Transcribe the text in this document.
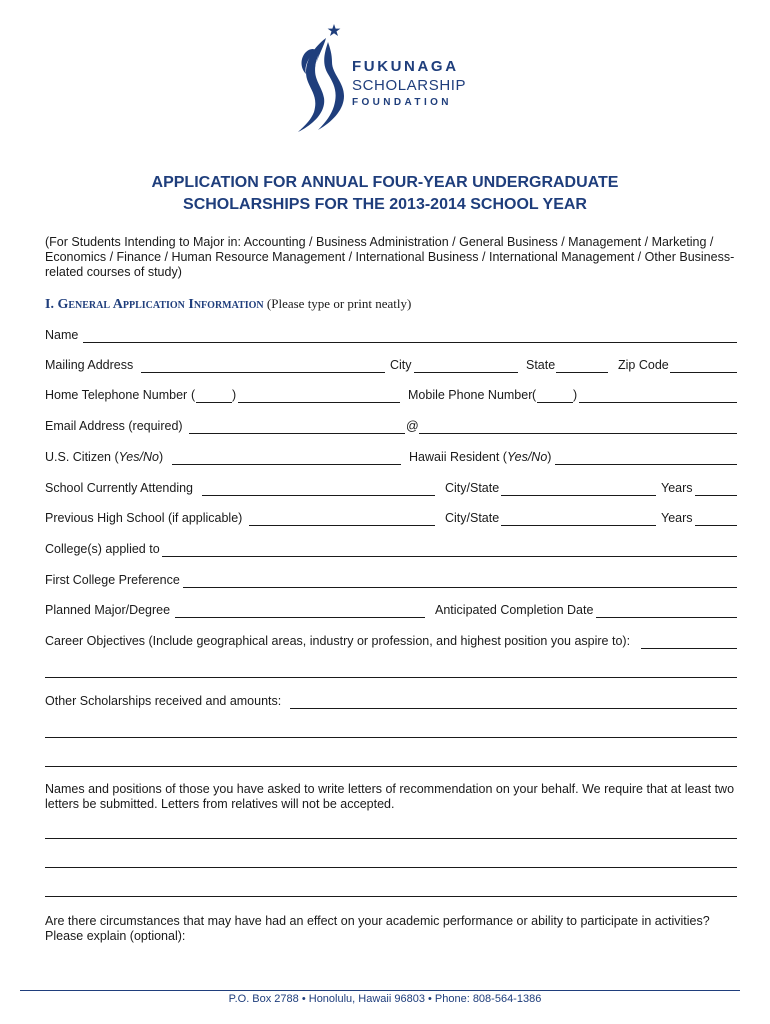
FUKUNAGA
SCHOLARSHIP
FOUNDATION
APPLICATION FOR ANNUAL FOUR-YEAR UNDERGRADUATE
SCHOLARSHIPS FOR THE 2013-2014 SCHOOL YEAR
(For Students Intending to Major in: Accounting / Business Administration / General Business / Management / Marketing / Economics / Finance / Human Resource Management / International Business / International Management / Other Business-related courses of study)
I. General Application Information (Please type or print neatly)
Name
Mailing Address	City	State	Zip Code
Home Telephone Number (	)	Mobile Phone Number (	)
Email Address (required)	@
U.S. Citizen (Yes/No)	Hawaii Resident (Yes/No)
School Currently Attending	City/State	Years
Previous High School (if applicable)	City/State	Years
College(s) applied to
First College Preference
Planned Major/Degree	Anticipated Completion Date
Career Objectives (Include geographical areas, industry or profession, and highest position you aspire to):
Other Scholarships received and amounts:
Names and positions of those you have asked to write letters of recommendation on your behalf. We require that at least two letters be submitted. Letters from relatives will not be accepted.
Are there circumstances that may have had an effect on your academic performance or ability to participate in activities? Please explain (optional):
P.O. Box 2788 • Honolulu, Hawaii 96803 • Phone: 808-564-1386
